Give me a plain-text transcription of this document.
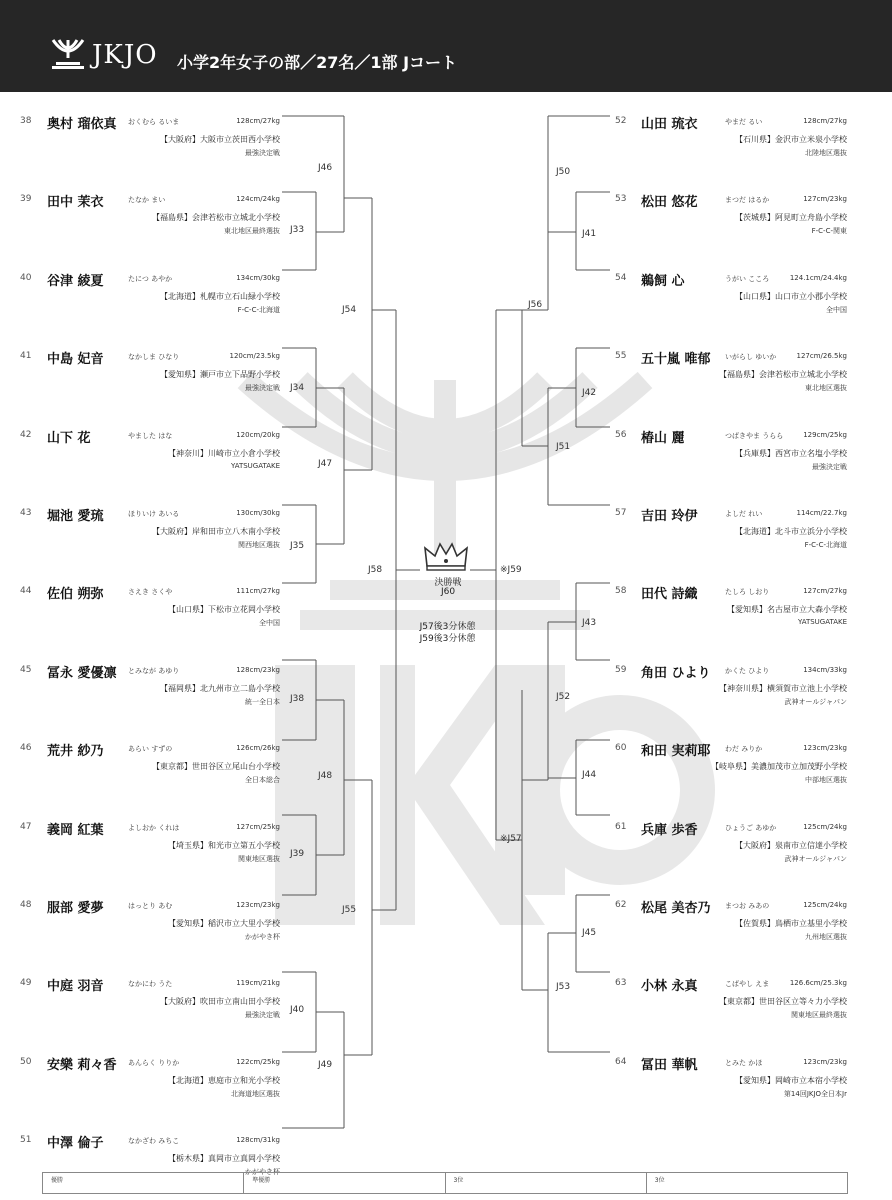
JKJO 小学2年女子の部／27名／1部 Jコート
38 奥村 瑠依真 おくむら るいま	128cm/27kg
【大阪府】大阪市立茨田西小学校
最強決定戦
39 田中 茉衣	たなか まい	124cm/24kg
【福島県】会津若松市立城北小学校
東北地区最終選抜
40 谷津 綾夏	たにつ あやか	134cm/30kg
【北海道】札幌市立石山緑小学校
F-C-C-北海道
41 中島 妃音	なかしま ひなり	120cm/23.5kg
【愛知県】瀬戸市立下品野小学校
最強決定戦
42 山下 花	やました はな	120cm/20kg
【神奈川】川崎市立小倉小学校
YATSUGATAKE
43 堀池 愛琉	ほりいけ あいる	130cm/30kg
【大阪府】岸和田市立八木南小学校
関西地区選抜
44 佐伯 朔弥	さえき さくや	111cm/27kg
【山口県】下松市立花岡小学校
全中国
45 冨永 愛優凛 とみなが あゆり	128cm/23kg
【福岡県】北九州市立二島小学校
統一全日本
46 荒井 紗乃	あらい すずの	126cm/26kg
【東京都】世田谷区立尾山台小学校
全日本総合
47 義岡 紅葉	よしおか くれは	127cm/25kg
【埼玉県】和光市立第五小学校
関東地区選抜
48 服部 愛夢	はっとり あむ	123cm/23kg
【愛知県】稲沢市立大里小学校
かがやき杯
49 中庭 羽音	なかにわ うた	119cm/21kg
【大阪府】吹田市立南山田小学校
最強決定戦
50 安樂 莉々香 あんらく りりか	122cm/25kg
【北海道】恵庭市立和光小学校
北海道地区選抜
51 中澤 倫子	なかざわ みちこ	128cm/31kg
【栃木県】真岡市立真岡小学校
かがやき杯
52 山田 琉衣	やまだ るい	128cm/27kg
【石川県】金沢市立米泉小学校
北陸地区選抜
53 松田 悠花	まつだ はるか	127cm/23kg
【茨城県】阿見町立舟島小学校
F-C-C-関東
54 鵜飼 心	うがい こころ	124.1cm/24.4kg
【山口県】山口市立小郡小学校
全中国
55 五十嵐 唯郁 いがらし ゆいか	127cm/26.5kg
【福島県】会津若松市立城北小学校
東北地区選抜
56 椿山 麗	つばきやま うらら	129cm/25kg
【兵庫県】西宮市立名塩小学校
最強決定戦
57 吉田 玲伊	よしだ れい	114cm/22.7kg
【北海道】北斗市立浜分小学校
F-C-C-北海道
58 田代 詩織	たしろ しおり	127cm/27kg
【愛知県】名古屋市立大森小学校
YATSUGATAKE
59 角田 ひより かくた ひより	134cm/33kg
【神奈川県】横須賀市立池上小学校
武神オールジャパン
60 和田 実莉耶 わだ みりか	123cm/23kg
【岐阜県】美濃加茂市立加茂野小学校
中部地区選抜
61 兵庫 歩香	ひょうご あゆか	125cm/24kg
【大阪府】泉南市立信達小学校
武神オールジャパン
62 松尾 美杏乃 まつお みあの	125cm/24kg
【佐賀県】鳥栖市立基里小学校
九州地区選抜
63 小林 永真	こばやし えま	126.6cm/25.3kg
【東京都】世田谷区立等々力小学校
関東地区最終選抜
64 冨田 華帆	とみた かほ	123cm/23kg
【愛知県】岡崎市立本宿小学校
第14回JKJO全日本Jr
J46
J33
J54
J34
J47
J35
J58
J38
J48
J39
J55
J40
J49
J50
J41
J56
J42
J51
※J59
J43
J52
J44
※J57
J45
J53
決勝戦
J60
J57後3分休憩
J59後3分休憩
優勝	準優勝	3位	3位
